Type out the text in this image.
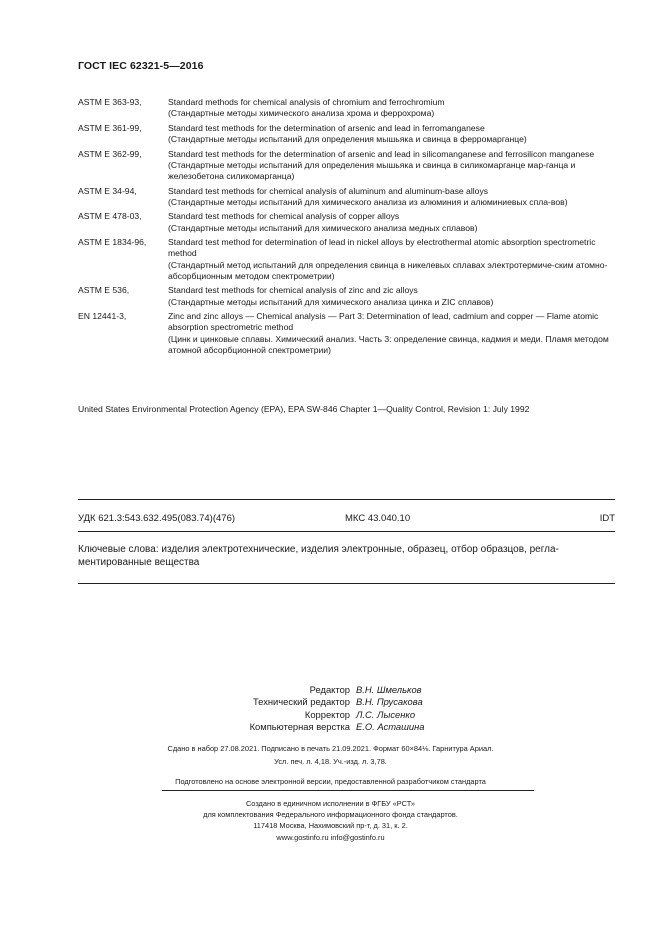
ГОСТ IEC 62321-5—2016
ASTM E 363-93,	Standard methods for chemical analysis of chromium and ferrochromium
(Стандартные методы химического анализа хрома и феррохрома)
ASTM E 361-99,	Standard test methods for the determination of arsenic and lead in ferromanganese
(Стандартные методы испытаний для определения мышьяка и свинца в ферромарганце)
ASTM E 362-99,	Standard test methods for the determination of arsenic and lead in silicomanganese and ferrosilicon manganese
(Стандартные методы испытаний для определения мышьяка и свинца в силикомарганце мар-ганца и железобетона силикомарганца)
ASTM E 34-94,	Standard test methods for chemical analysis of aluminum and aluminum-base alloys
(Стандартные методы испытаний для химического анализа из алюминия и алюминиевых спла-вов)
ASTM E 478-03,	Standard test methods for chemical analysis of copper alloys
(Стандартные методы испытаний для химического анализа медных сплавов)
ASTM E 1834-96,	Standard test method for determination of lead in nickel alloys by electrothermal atomic absorption spectrometric method
(Стандартный метод испытаний для определения свинца в никелевых сплавах электротермиче-ским атомно-абсорбционным методом спектрометрии)
ASTM E 536,	Standard test methods for chemical analysis of zinc and zic alloys
(Стандартные методы испытаний для химического анализа цинка и ZIC сплавов)
EN 12441-3,	Zinc and zinc alloys — Chemical analysis — Part 3: Determination of lead, cadmium and copper — Flame atomic absorption spectrometric method
(Цинк и цинковые сплавы. Химический анализ. Часть 3: определение свинца, кадмия и меди. Пламя методом атомной абсорбционной спектрометрии)
United States Environmental Protection Agency (EPA), EPA SW-846 Chapter 1—Quality Control, Revision 1: July 1992
УДК 621.3:543.632.495(083.74)(476)	МКС 43.040.10	IDT
Ключевые слова: изделия электротехнические, изделия электронные, образец, отбор образцов, регла-ментированные вещества
Редактор В.Н. Шмельков
Технический редактор В.Н. Прусакова
Корректор Л.С. Лысенко
Компьютерная верстка Е.О. Асташина
Сдано в набор 27.08.2021. Подписано в печать 21.09.2021. Формат 60×84⅛. Гарнитура Ариал.
Усл. печ. л. 4,18. Уч.-изд. л. 3,78.
Подготовлено на основе электронной версии, предоставленной разработчиком стандарта
Создано в единичном исполнении в ФГБУ «РСТ»
для комплектования Федерального информационного фонда стандартов.
117418 Москва, Нахимовский пр-т, д. 31, к. 2.
www.gostinfo.ru info@gostinfo.ru
